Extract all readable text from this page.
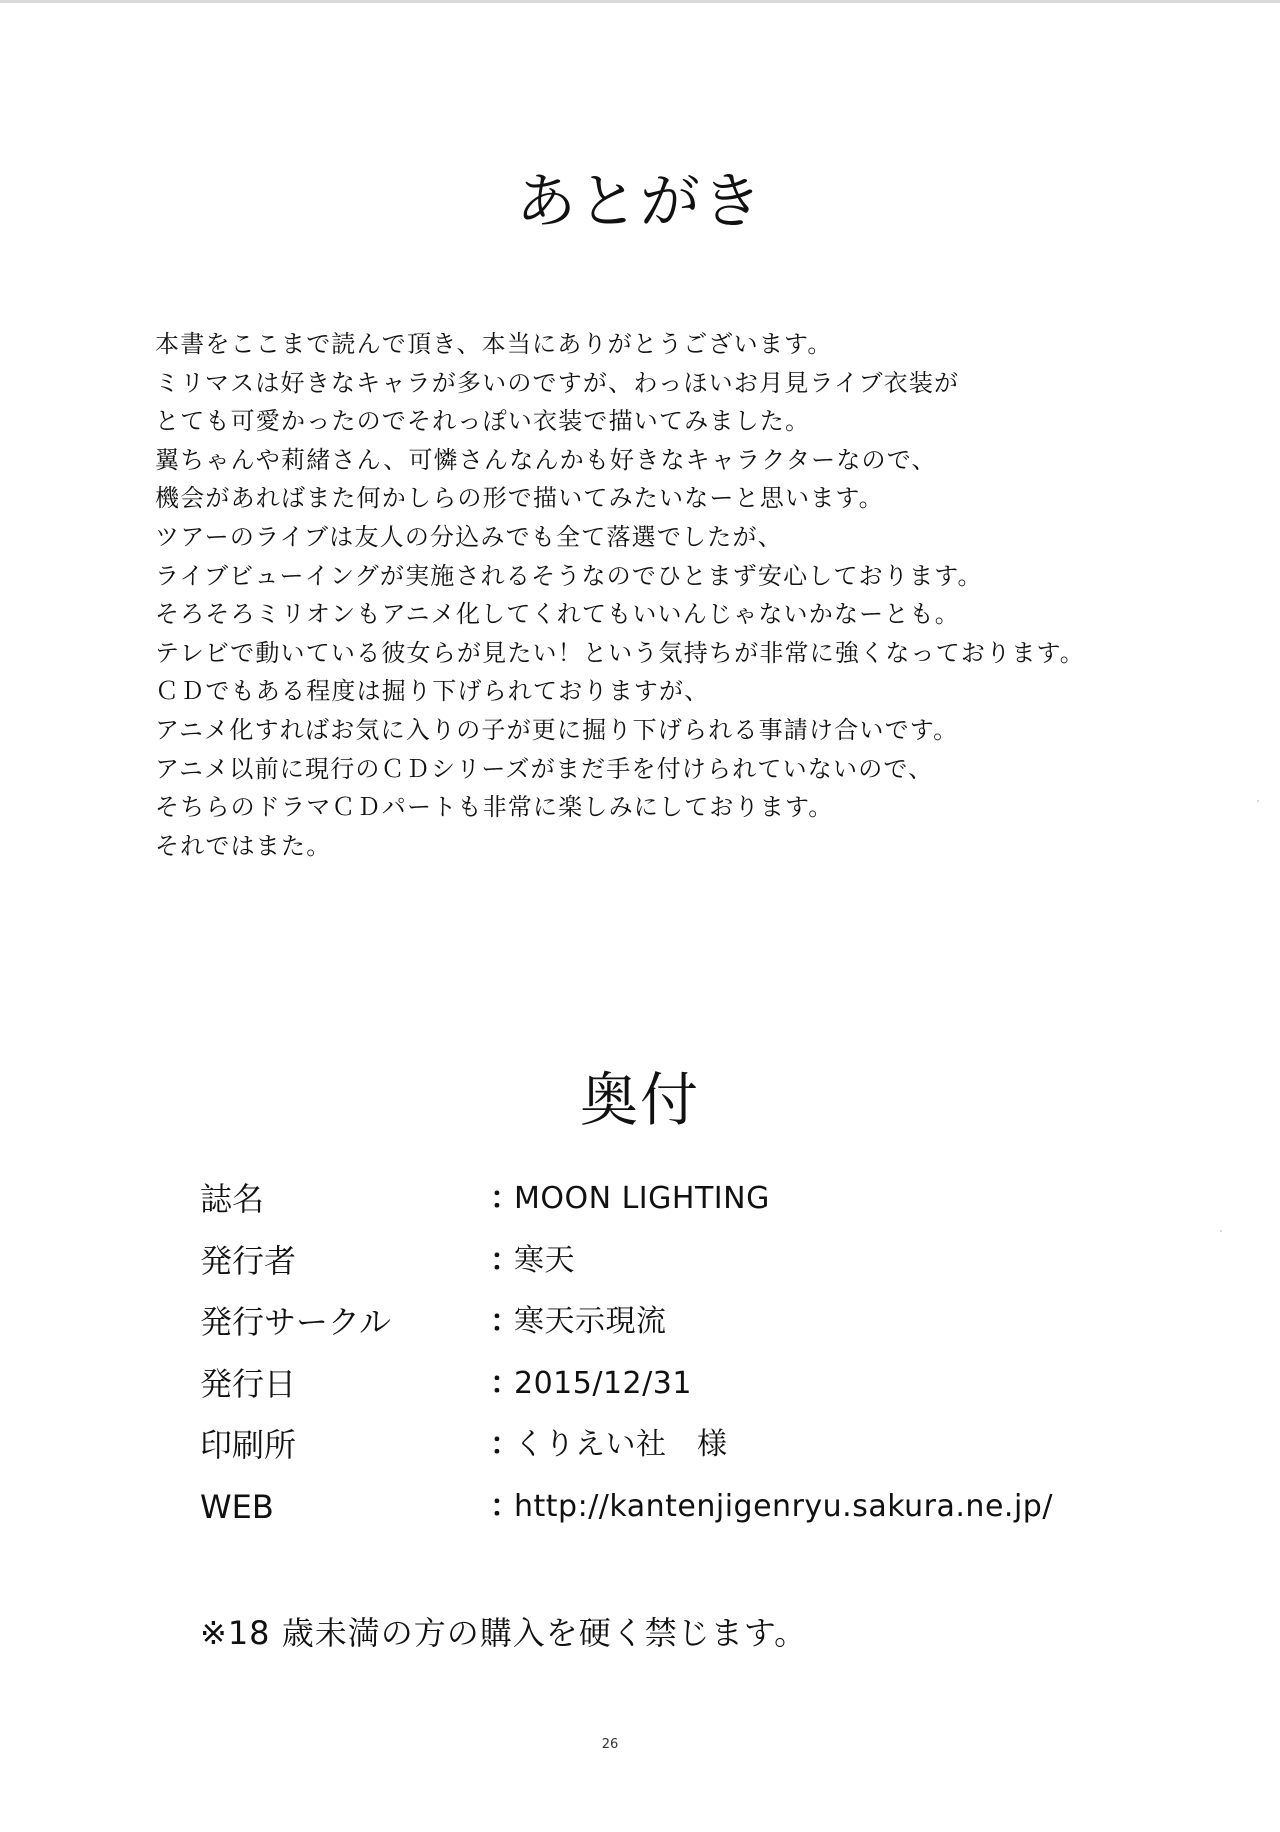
あとがき
本書をここまで読んで頂き、本当にありがとうございます。
ミリマスは好きなキャラが多いのですが、わっほいお月見ライブ衣装が
とても可愛かったのでそれっぽい衣装で描いてみました。
翼ちゃんや莉緒さん、可憐さんなんかも好きなキャラクターなので、
機会があればまた何かしらの形で描いてみたいなーと思います。
ツアーのライブは友人の分込みでも全て落選でしたが、
ライブビューイングが実施されるそうなのでひとまず安心しております。
そろそろミリオンもアニメ化してくれてもいいんじゃないかなーとも。
テレビで動いている彼女らが見たい！という気持ちが非常に強くなっております。
ＣＤでもある程度は掘り下げられておりますが、
アニメ化すればお気に入りの子が更に掘り下げられる事請け合いです。
アニメ以前に現行のＣＤシリーズがまだ手を付けられていないので、
そちらのドラマＣＤパートも非常に楽しみにしております。
それではまた。
奥付
誌名	：
MOON LIGHTING
発行者	：
寒天
発行サークル	：
寒天示現流
発行日	：
2015/12/31
印刷所	：
くりえい社　様
WEB	：
http://kantenjigenryu.sakura.ne.jp/
※18 歳未満の方の購入を硬く禁じます。
26
